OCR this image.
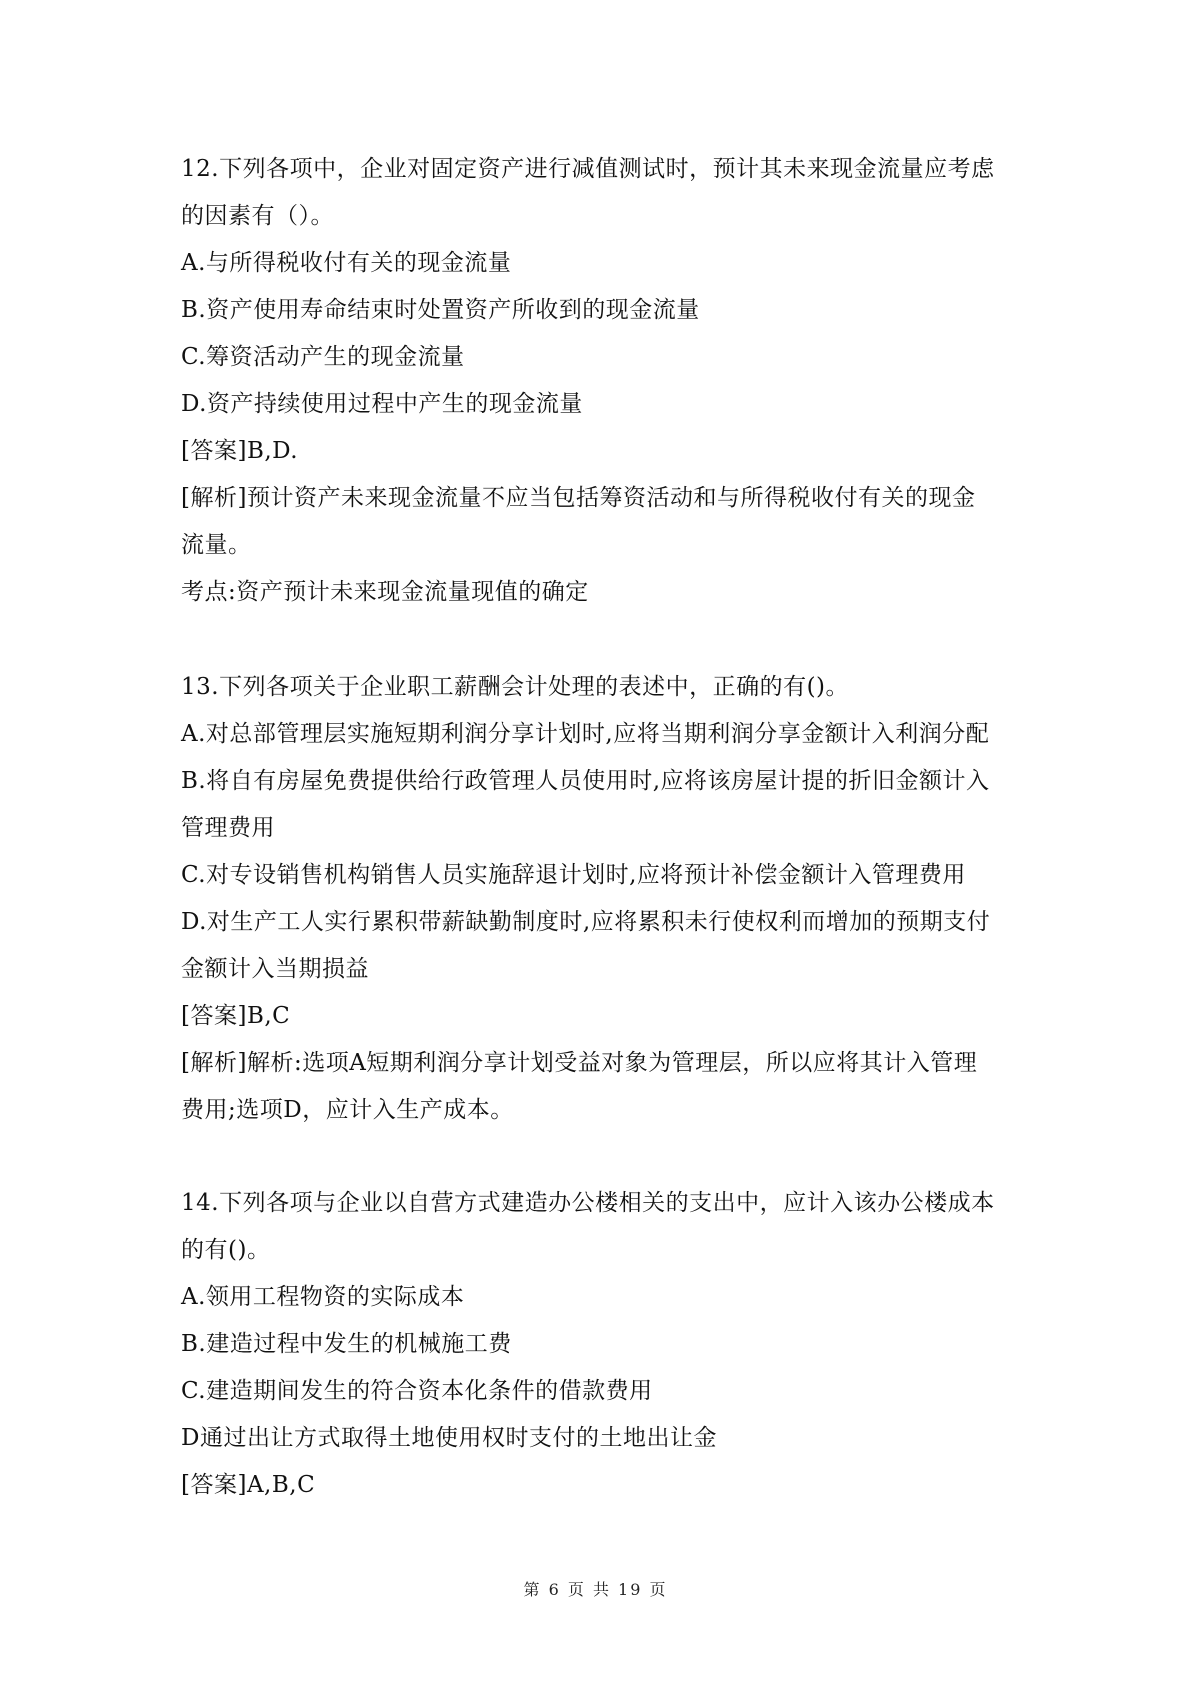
12.下列各项中，企业对固定资产进行减值测试时，预计其未来现金流量应考虑
的因素有（）。
A.与所得税收付有关的现金流量
B.资产使用寿命结束时处置资产所收到的现金流量
C.筹资活动产生的现金流量
D.资产持续使用过程中产生的现金流量
[答案]B,D.
[解析]预计资产未来现金流量不应当包括筹资活动和与所得税收付有关的现金
流量。
考点:资产预计未来现金流量现值的确定
13.下列各项关于企业职工薪酬会计处理的表述中，正确的有()。
A.对总部管理层实施短期利润分享计划时,应将当期利润分享金额计入利润分配
B.将自有房屋免费提供给行政管理人员使用时,应将该房屋计提的折旧金额计入
管理费用
C.对专设销售机构销售人员实施辞退计划时,应将预计补偿金额计入管理费用
D.对生产工人实行累积带薪缺勤制度时,应将累积未行使权利而增加的预期支付
金额计入当期损益
[答案]B,C
[解析]解析:选项A短期利润分享计划受益对象为管理层，所以应将其计入管理
费用;选项D，应计入生产成本。
14.下列各项与企业以自营方式建造办公楼相关的支出中，应计入该办公楼成本
的有()。
A.领用工程物资的实际成本
B.建造过程中发生的机械施工费
C.建造期间发生的符合资本化条件的借款费用
D通过出让方式取得土地使用权时支付的土地出让金
[答案]A,B,C
第 6 页 共 19 页
